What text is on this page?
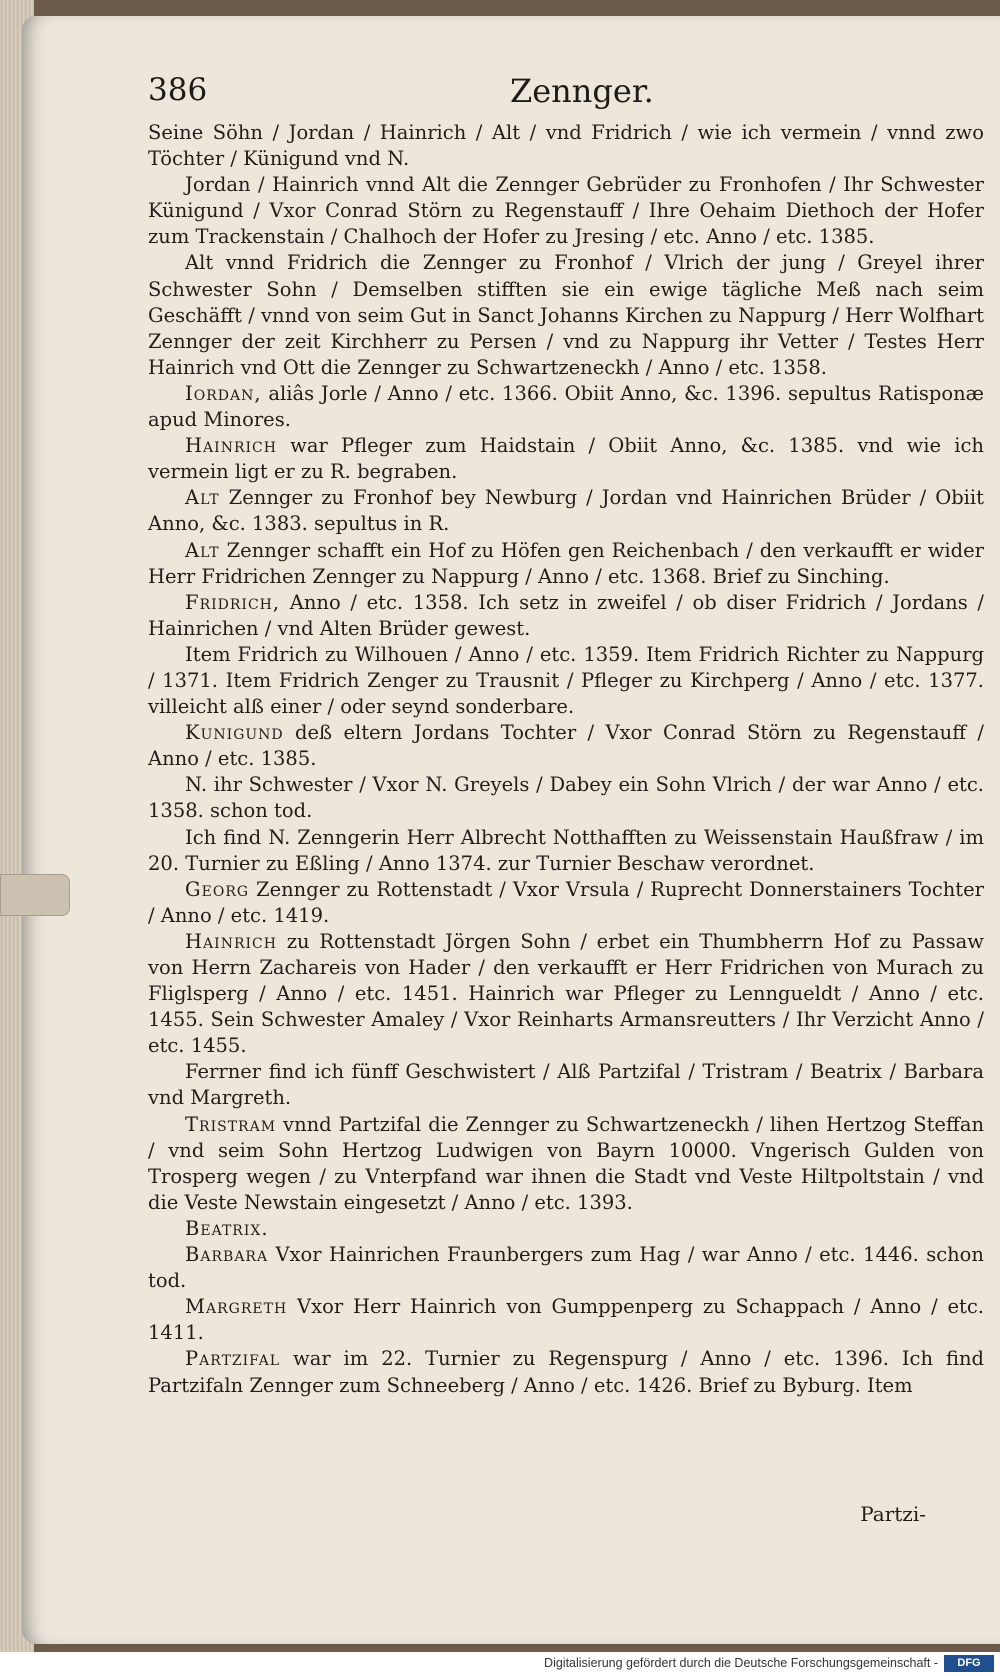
386	Zennger.

Seine Söhn / Jordan / Hainrich / Alt / vnd Fridrich / wie ich vermein / vnnd zwo Töchter / Künigund vnd N.

Jordan / Hainrich vnnd Alt die Zennger Gebrüder zu Fronhofen / Ihr Schwester Künigund / Vxor Conrad Störn zu Regenstauff / Ihre Oehaim Diethoch der Hofer zum Trackenstain / Chalhoch der Hofer zu Jresing / etc. Anno / etc. 1385.

Alt vnnd Fridrich die Zennger zu Fronhof / Vlrich der jung / Greyel ihrer Schwester Sohn / Demselben stifften sie ein ewige tägliche Meß nach seim Geschäfft / vnnd von seim Gut in Sanct Johanns Kirchen zu Nappurg / Herr Wolfhart Zennger der zeit Kirchherr zu Persen / vnd zu Nappurg ihr Vetter / Testes Herr Hainrich vnd Ott die Zennger zu Schwartzeneckh / Anno / etc. 1358.

Iordan, aliâs Jorle / Anno / etc. 1366. Obiit Anno, &c. 1396. sepultus Ratisponæ apud Minores.

Hainrich war Pfleger zum Haidstain / Obiit Anno, &c. 1385. vnd wie ich vermein ligt er zu R. begraben.

Alt Zennger zu Fronhof bey Newburg / Jordan vnd Hainrichen Brüder / Obiit Anno, &c. 1383. sepultus in R.

Alt Zennger schafft ein Hof zu Höfen gen Reichenbach / den verkaufft er wider Herr Fridrichen Zennger zu Nappurg / Anno / etc. 1368. Brief zu Sinching.

Fridrich, Anno / etc. 1358. Ich setz in zweifel / ob diser Fridrich / Jordans / Hainrichen / vnd Alten Brüder gewest.

Item Fridrich zu Wilhouen / Anno / etc. 1359. Item Fridrich Richter zu Nappurg / 1371. Item Fridrich Zenger zu Trausnit / Pfleger zu Kirchperg / Anno / etc. 1377. villeicht alß einer / oder seynd sonderbare.

Kunigund deß eltern Jordans Tochter / Vxor Conrad Störn zu Regenstauff / Anno / etc. 1385.

N. ihr Schwester / Vxor N. Greyels / Dabey ein Sohn Vlrich / der war Anno / etc. 1358. schon tod.

Ich find N. Zenngerin Herr Albrecht Notthafften zu Weissenstain Haußfraw / im 20. Turnier zu Eßling / Anno 1374. zur Turnier Beschaw verordnet.

Georg Zennger zu Rottenstadt / Vxor Vrsula / Ruprecht Donnerstainers Tochter / Anno / etc. 1419.

Hainrich zu Rottenstadt Jörgen Sohn / erbet ein Thumbherrn Hof zu Passaw von Herrn Zachareis von Hader / den verkaufft er Herr Fridrichen von Murach zu Fliglsperg / Anno / etc. 1451. Hainrich war Pfleger zu Lenngueldt / Anno / etc. 1455. Sein Schwester Amaley / Vxor Reinharts Armansreutters / Ihr Verzicht Anno / etc. 1455.

Ferrner find ich fünff Geschwistert / Alß Partzifal / Tristram / Beatrix / Barbara vnd Margreth.

Tristram vnnd Partzifal die Zennger zu Schwartzeneckh / lihen Hertzog Steffan / vnd seim Sohn Hertzog Ludwigen von Bayrn 10000. Vngerisch Gulden von Trosperg wegen / zu Vnterpfand war ihnen die Stadt vnd Veste Hiltpoltstain / vnd die Veste Newstain eingesetzt / Anno / etc. 1393.

Beatrix.

Barbara Vxor Hainrichen Fraunbergers zum Hag / war Anno / etc. 1446. schon tod.

Margreth Vxor Herr Hainrich von Gumppenperg zu Schappach / Anno / etc. 1411.

Partzifal war im 22. Turnier zu Regenspurg / Anno / etc. 1396. Ich find Partzifaln Zennger zum Schneeberg / Anno / etc. 1426. Brief zu Byburg. Item

Partzi-
Digitalisierung gefördert durch die Deutsche Forschungsgemeinschaft -	DFG
